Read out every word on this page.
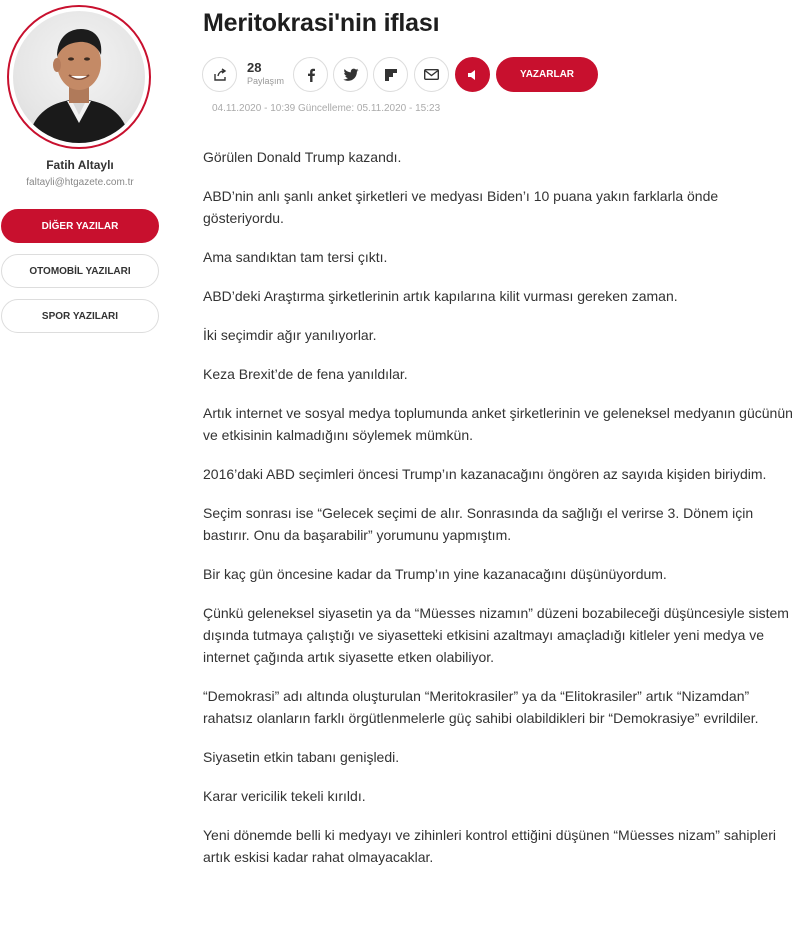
Fatih Altaylı
faltayli@htgazete.com.tr
DİĞER YAZILAR
OTOMOBİL YAZILARI
SPOR YAZILARI
Meritokrasi'nin iflası
28
Paylaşım
YAZARLAR
04.11.2020 - 10:39 Güncelleme: 05.11.2020 - 15:23

Görülen Donald Trump kazandı.

ABD’nin anlı şanlı anket şirketleri ve medyası Biden’ı 10 puana yakın farklarla önde gösteriyordu.

Ama sandıktan tam tersi çıktı.

ABD’deki Araştırma şirketlerinin artık kapılarına kilit vurması gereken zaman.

İki seçimdir ağır yanılıyorlar.

Keza Brexit’de de fena yanıldılar.

Artık internet ve sosyal medya toplumunda anket şirketlerinin ve geleneksel medyanın gücünün ve etkisinin kalmadığını söylemek mümkün.

2016’daki ABD seçimleri öncesi Trump’ın kazanacağını öngören az sayıda kişiden biriydim.

Seçim sonrası ise “Gelecek seçimi de alır. Sonrasında da sağlığı el verirse 3. Dönem için bastırır. Onu da başarabilir” yorumunu yapmıştım.

Bir kaç gün öncesine kadar da Trump’ın yine kazanacağını düşünüyordum.

Çünkü geleneksel siyasetin ya da “Müesses nizamın” düzeni bozabileceği düşüncesiyle sistem dışında tutmaya çalıştığı ve siyasetteki etkisini azaltmayı amaçladığı kitleler yeni medya ve internet çağında artık siyasette etken olabiliyor.

“Demokrasi” adı altında oluşturulan “Meritokrasiler” ya da “Elitokrasiler” artık “Nizamdan” rahatsız olanların farklı örgütlenmelerle güç sahibi olabildikleri bir “Demokrasiye” evrildiler.

Siyasetin etkin tabanı genişledi.

Karar vericilik tekeli kırıldı.

Yeni dönemde belli ki medyayı ve zihinleri kontrol ettiğini düşünen “Müesses nizam” sahipleri artık eskisi kadar rahat olmayacaklar.
